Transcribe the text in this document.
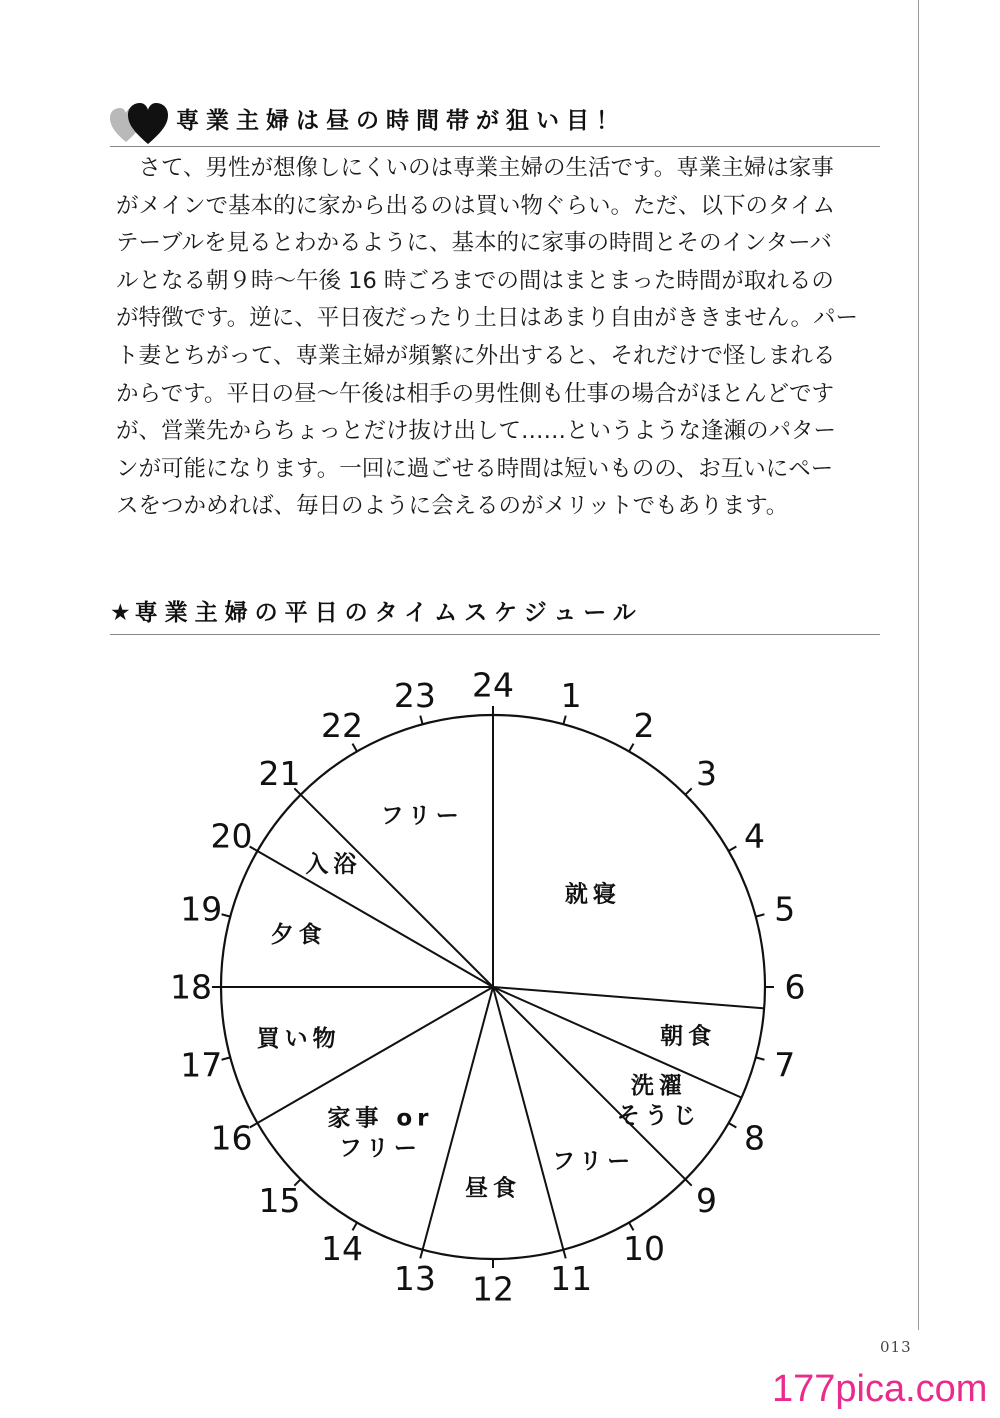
専業主婦は昼の時間帯が狙い目！
　さて、男性が想像しにくいのは専業主婦の生活です。専業主婦は家事
がメインで基本的に家から出るのは買い物ぐらい。ただ、以下のタイム
テーブルを見るとわかるように、基本的に家事の時間とそのインターバ
ルとなる朝９時〜午後 16 時ごろまでの間はまとまった時間が取れるの
が特徴です。逆に、平日夜だったり土日はあまり自由がききません。パー
ト妻とちがって、専業主婦が頻繁に外出すると、それだけで怪しまれる
からです。平日の昼〜午後は相手の男性側も仕事の場合がほとんどです
が、営業先からちょっとだけ抜け出して……というような逢瀬のパター
ンが可能になります。一回に過ごせる時間は短いものの、お互いにペー
スをつかめれば、毎日のように会えるのがメリットでもあります。
★ 専業主婦の平日のタイムスケジュール
24 1
2
3
4
5
6
7
8
9
10
11
12
13
14
15
16
17
18
19
20
21
22
23
就寝
朝食
洗濯
そうじ
フリー
昼食
家事 or
フリー
買い物
夕食
入浴
フリー
013
177pica.com
